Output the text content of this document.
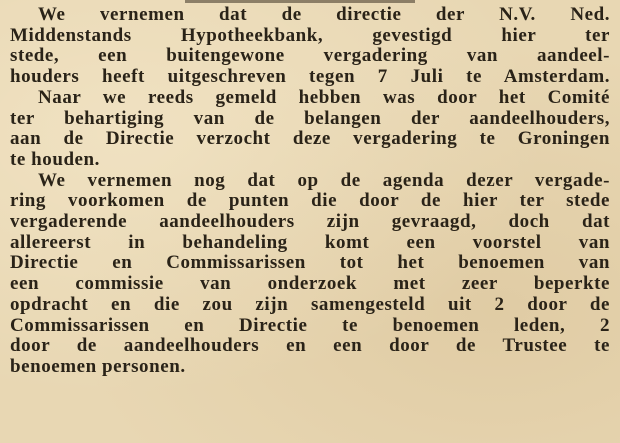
We vernemen dat de directie der N.V. Ned.
Middenstands Hypotheekbank, gevestigd hier ter
stede, een buitengewone vergadering van aandeel-
houders heeft uitgeschreven tegen 7 Juli te Amsterdam.
Naar we reeds gemeld hebben was door het Comité
ter behartiging van de belangen der aandeelhouders,
aan de Directie verzocht deze vergadering te Groningen
te houden.
We vernemen nog dat op de agenda dezer vergade-
ring voorkomen de punten die door de hier ter stede
vergaderende aandeelhouders zijn gevraagd, doch dat
allereerst in behandeling komt een voorstel van
Directie en Commissarissen tot het benoemen van
een commissie van onderzoek met zeer beperkte
opdracht en die zou zijn samengesteld uit 2 door de
Commissarissen en Directie te benoemen leden, 2
door de aandeelhouders en een door de Trustee te
benoemen personen.
